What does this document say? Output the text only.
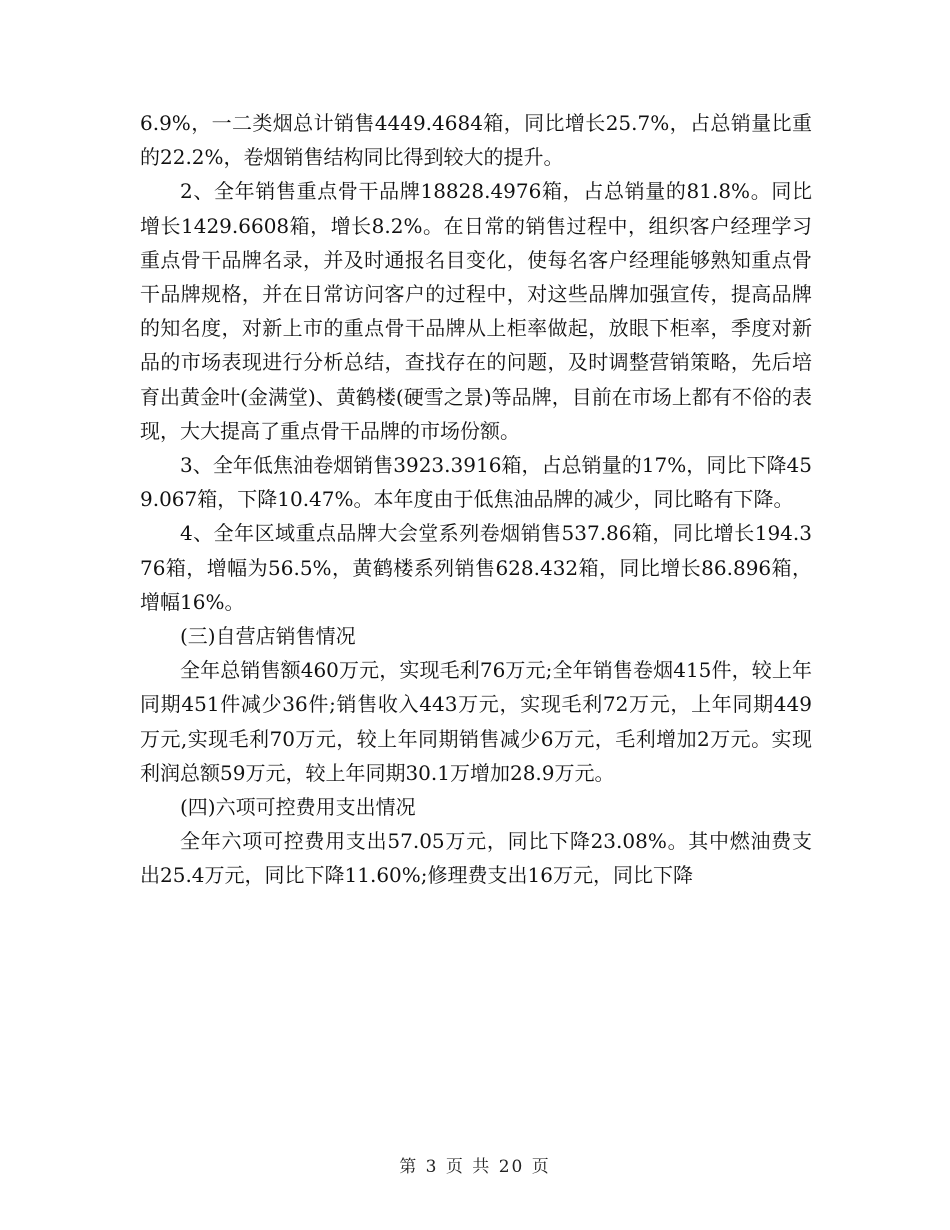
6.9%，一二类烟总计销售4449.4684箱，同比增长25.7%，占总销量比重的22.2%，卷烟销售结构同比得到较大的提升。

2、全年销售重点骨干品牌18828.4976箱，占总销量的81.8%。同比增长1429.6608箱，增长8.2%。在日常的销售过程中，组织客户经理学习重点骨干品牌名录，并及时通报名目变化，使每名客户经理能够熟知重点骨干品牌规格，并在日常访问客户的过程中，对这些品牌加强宣传，提高品牌的知名度，对新上市的重点骨干品牌从上柜率做起，放眼下柜率，季度对新品的市场表现进行分析总结，查找存在的问题，及时调整营销策略，先后培育出黄金叶(金满堂)、黄鹤楼(硬雪之景)等品牌，目前在市场上都有不俗的表现，大大提高了重点骨干品牌的市场份额。

3、全年低焦油卷烟销售3923.3916箱，占总销量的17%，同比下降459.067箱，下降10.47%。本年度由于低焦油品牌的减少，同比略有下降。

4、全年区域重点品牌大会堂系列卷烟销售537.86箱，同比增长194.376箱，增幅为56.5%，黄鹤楼系列销售628.432箱，同比增长86.896箱，增幅16%。

(三)自营店销售情况

全年总销售额460万元，实现毛利76万元;全年销售卷烟415件，较上年同期451件减少36件;销售收入443万元，实现毛利72万元，上年同期449万元,实现毛利70万元，较上年同期销售减少6万元，毛利增加2万元。实现利润总额59万元，较上年同期30.1万增加28.9万元。

(四)六项可控费用支出情况

全年六项可控费用支出57.05万元，同比下降23.08%。其中燃油费支出25.4万元，同比下降11.60%;修理费支出16万元，同比下降

第 3 页 共 20 页
